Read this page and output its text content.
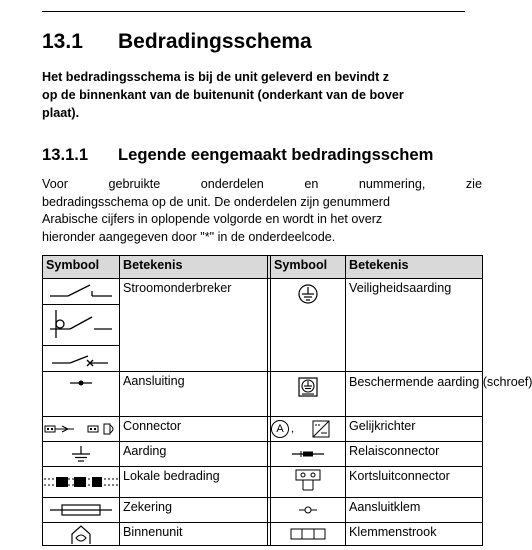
13.1 Bedradingsschema
Het bedradingsschema is bij de unit geleverd en bevindt z
op de binnenkant van de buitenunit (onderkant van de bover
plaat).
13.1.1 Legende eengemaakt bedradingsschem
Voor	gebruikte	onderdelen	en	nummering,	zie
bedradingsschema op de unit. De onderdelen zijn genummerd
Arabische cijfers in oplopende volgorde en wordt in het overz
hieronder aangegeven door "*" in de onderdeelcode.
Symbool	Betekenis		Symbool	Betekenis

	Stroomonderbreker			Veiligheidsaarding

	Aansluiting			Beschermende aarding (schroef)

	Connector		A ,	Gelijkrichter

	Aarding			Relaisconnector

	Lokale bedrading			Kortsluitconnector

	Zekering			Aansluitklem

	Binnenunit			Klemmenstrook
